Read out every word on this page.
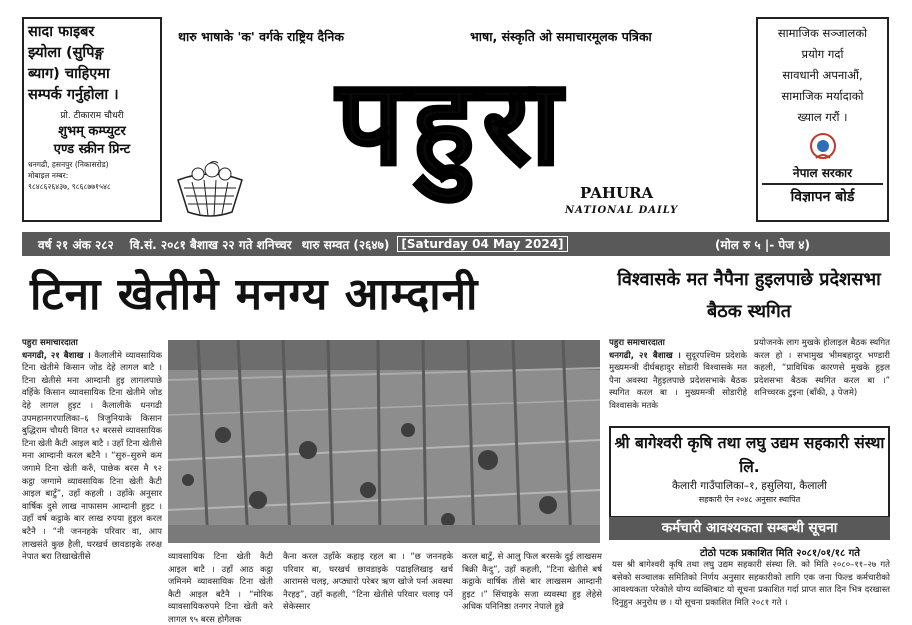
सादा फाइबर
झ्योला (सुपिङ्ग
ब्याग) चाहिएमा
सम्पर्क गर्नुहोला ।
प्रो. टीकाराम चौधरी
शुभम् कम्प्युटर
एण्ड स्क्रीन प्रिन्ट
धनगढी, हसनपुर (निकासरोड)
मोबाइल नम्बर:
९८४८६२६४३७, ९८६८७७१५४८
थारु भाषाके 'क' वर्गके राष्ट्रिय दैनिक	भाषा, संस्कृति ओ समाचारमूलक पत्रिका
पहुरा
PAHURA
NATIONAL DAILY
सामाजिक सञ्जालको
प्रयोग गर्दा
सावधानी अपनाऔं,
सामाजिक मर्यादाको
ख्याल गरौं ।
नेपाल सरकार
विज्ञापन बोर्ड
वर्ष २१ अंक २८२ वि.सं. २०८१ बैशाख २२ गते शनिच्चर थारु सम्वत (२६४७)	[Saturday 04 May 2024]	(मोल रु ५ |- पेज ४)
टिना खेतीमे मनग्य आम्दानी	विश्वासके मत नैपैना हुइलपाछे प्रदेशसभा बैठक स्थगित
पहुरा समाचारदाता
धनगढी, २१ बैशाख । कैलालीमे व्यावसायिक टिना खेतीमे किसान जोड देहे लागल बाटै । टिना खेतीसे मना आम्दानी हुइ लागलपाछे वर्हिके किसान व्यावसायिक टिना खेतीमे जोड देहे लागल हुइट । कैलालीके धनगढी उपमहानगरपालिका–६ त्रिजुनियाके किसान बुद्धिराम चौधरी विगत ९२ बरससे व्यावसायिक टिना खेती कैटी आइल बाटै । उहाँ टिना खेतीसे मना आम्दानी करल बटैनै । “सुरु–सुरुमे कम जगामे टिना खेती करुँ, पाछेक बरस मै ९२ कट्ठा जग्गामे व्यावसायिक टिना खेती कैटी आइल बाटुँ”, उहाँ कहली । उहाँके अनुसार वार्षिक दुसे लाख नाफासम आम्दानी हुइट । उहाँ वर्ष कट्ठाके बार लाख रुपया हुइल करल बटैनै । “नी जननहके परिवार वा, आप लाखसंते कुछ हैली, घरखर्च छावडाइके तरुक्ष नेपात बरा तिखाखेतीसे	व्यावसायिक टिना खेती कैटी आइल बाटै । उहाँ आठ कट्ठा जमिनमे व्यावसायिक टिना खेती कैटी आइल बटैनै । “मोरिक व्यावसायिकरुपमे टिना खेती करे लागल ९५ बरस होगैलक
कैना करल उहाँके कहाइ रहल बा । “छ जननहके परिवार बा, घरखर्च छावडाइके पढाइलिखाइ खर्च आरामसे चलइ, अप्ठ्यारो परेबर ऋण खोजे पर्ना अवस्था नैरहइ”, उहाँ कहली, “टिना खेतीसे परिवार चलाइ पर्ने सेकेस्सार
करल बाटुँ, से आलु फिल बरसके दुई लाखसम बिक्री कैदु”, उहाँ कहली, “टिना खेतीसे बर्ष कट्ठाके वार्षिक तीसे बार लाखसम आम्दानी हुइट ।” सिंचाइके सजा व्यवस्था हुइ लेहेसे अधिक पनिनिष्ठा तनगर नेपाले हुन्ने
पहुरा समाचारदाता
धनगढी, २१ बैशाख । सुदूरपश्चिम प्रदेशके मुख्यमन्त्री दीर्घबहादुर सोडारी विश्वासके मत पैना अवस्था नैहुइलपाछे प्रदेशसभाके बैठक स्थगित करल बा । मुख्यमन्त्री सोडारीहे विश्वासके मतके
प्रयोजनके लाग मुखके होलाइल बैठक स्थगित करल हो । सभामुख भीमबहादुर भण्डारी कहली, “प्राविधिक कारणसे मुखके हुइल प्रदेशसभा बैठक स्थगित करल बा ।” शनिच्चरक टुइना (बाँकी, ३ पेजमे)
श्री बागेश्वरी कृषि तथा लघु उद्यम सहकारी संस्था लि.
कैलारी गाउँपालिका–१, हसुलिया, कैलाली
सहकारी ऐन २०४८ अनुसार स्थापित
कर्मचारी आवश्यकता सम्बन्धी सूचना
टोठो पटक प्रकाशित मिति २०८१/०१/१८ गते
यस श्री बागेश्वरी कृषि तथा लघु उद्यम सहकारी संस्था लि. को मिति २०८०–११–२७ गते बसेको सञ्चालक समितिको निर्णय अनुसार सहकारीको लागि एक जना फिल्ड कर्मचारीको आवश्यकता परेकोले योग्य व्यक्तिबाट यो सूचना प्रकाशित गर्दा प्राप्त सात दिन भित्र दरखास्त दिनुहुन अनुरोध छ । यो सूचना प्रकाशित मिति २०८१ गते ।
